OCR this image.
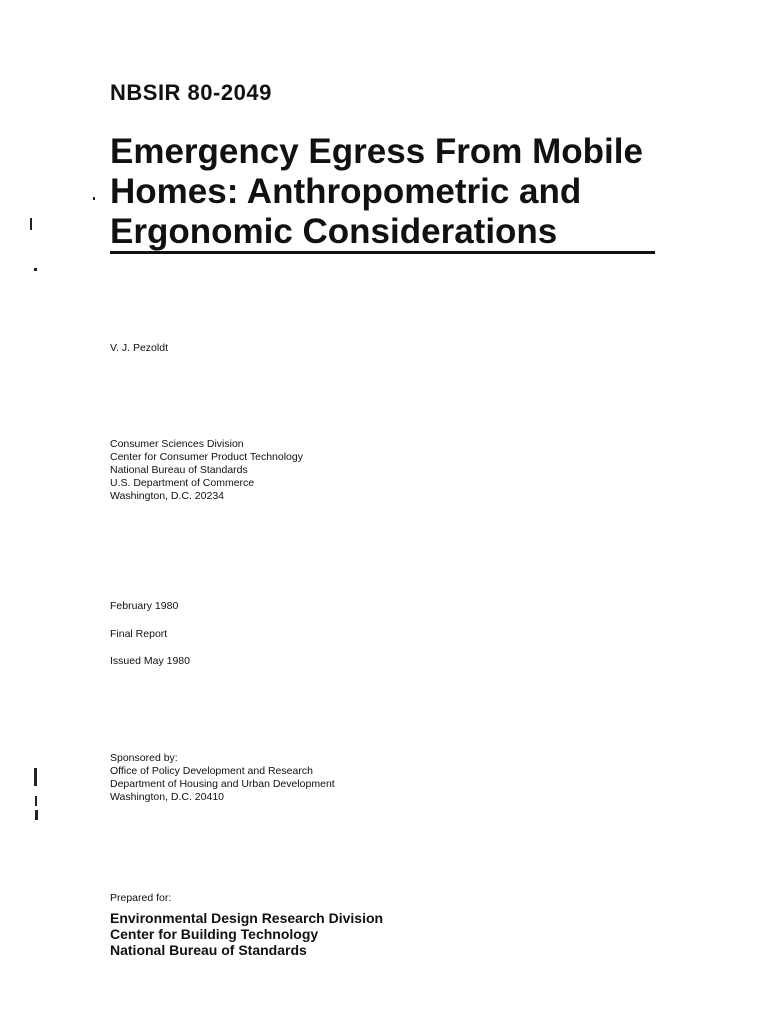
NBSIR 80-2049
Emergency Egress From Mobile
Homes: Anthropometric and
Ergonomic Considerations
V. J. Pezoldt
Consumer Sciences Division
Center for Consumer Product Technology
National Bureau of Standards
U.S. Department of Commerce
Washington, D.C. 20234
February 1980
Final Report
Issued May 1980
Sponsored by:
Office of Policy Development and Research
Department of Housing and Urban Development
Washington, D.C. 20410
Prepared for:
Environmental Design Research Division
Center for Building Technology
National Bureau of Standards
